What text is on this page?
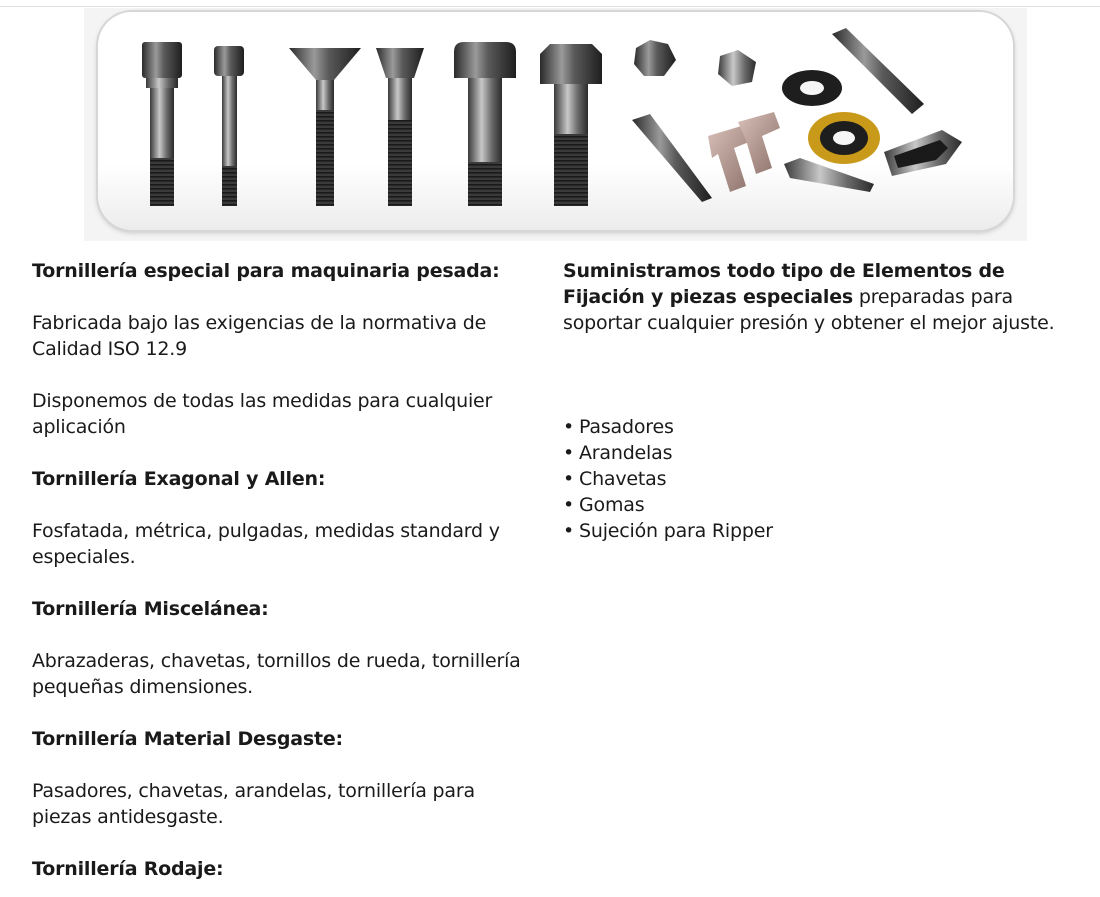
Tornillería especial para maquinaria pesada:

Fabricada bajo las exigencias de la normativa de Calidad ISO 12.9

Disponemos de todas las medidas para cualquier aplicación

Tornillería Exagonal y Allen:

Fosfatada, métrica, pulgadas, medidas standard y especiales.

Tornillería Miscelánea:

Abrazaderas, chavetas, tornillos de rueda, tornillería pequeñas dimensiones.

Tornillería Material Desgaste:

Pasadores, chavetas, arandelas, tornillería para piezas antidesgaste.

Tornillería Rodaje:

Suministramos todo tipo de Elementos de Fijación y piezas especiales preparadas para soportar cualquier presión y obtener el mejor ajuste.

• Pasadores
• Arandelas
• Chavetas
• Gomas
• Sujeción para Ripper
